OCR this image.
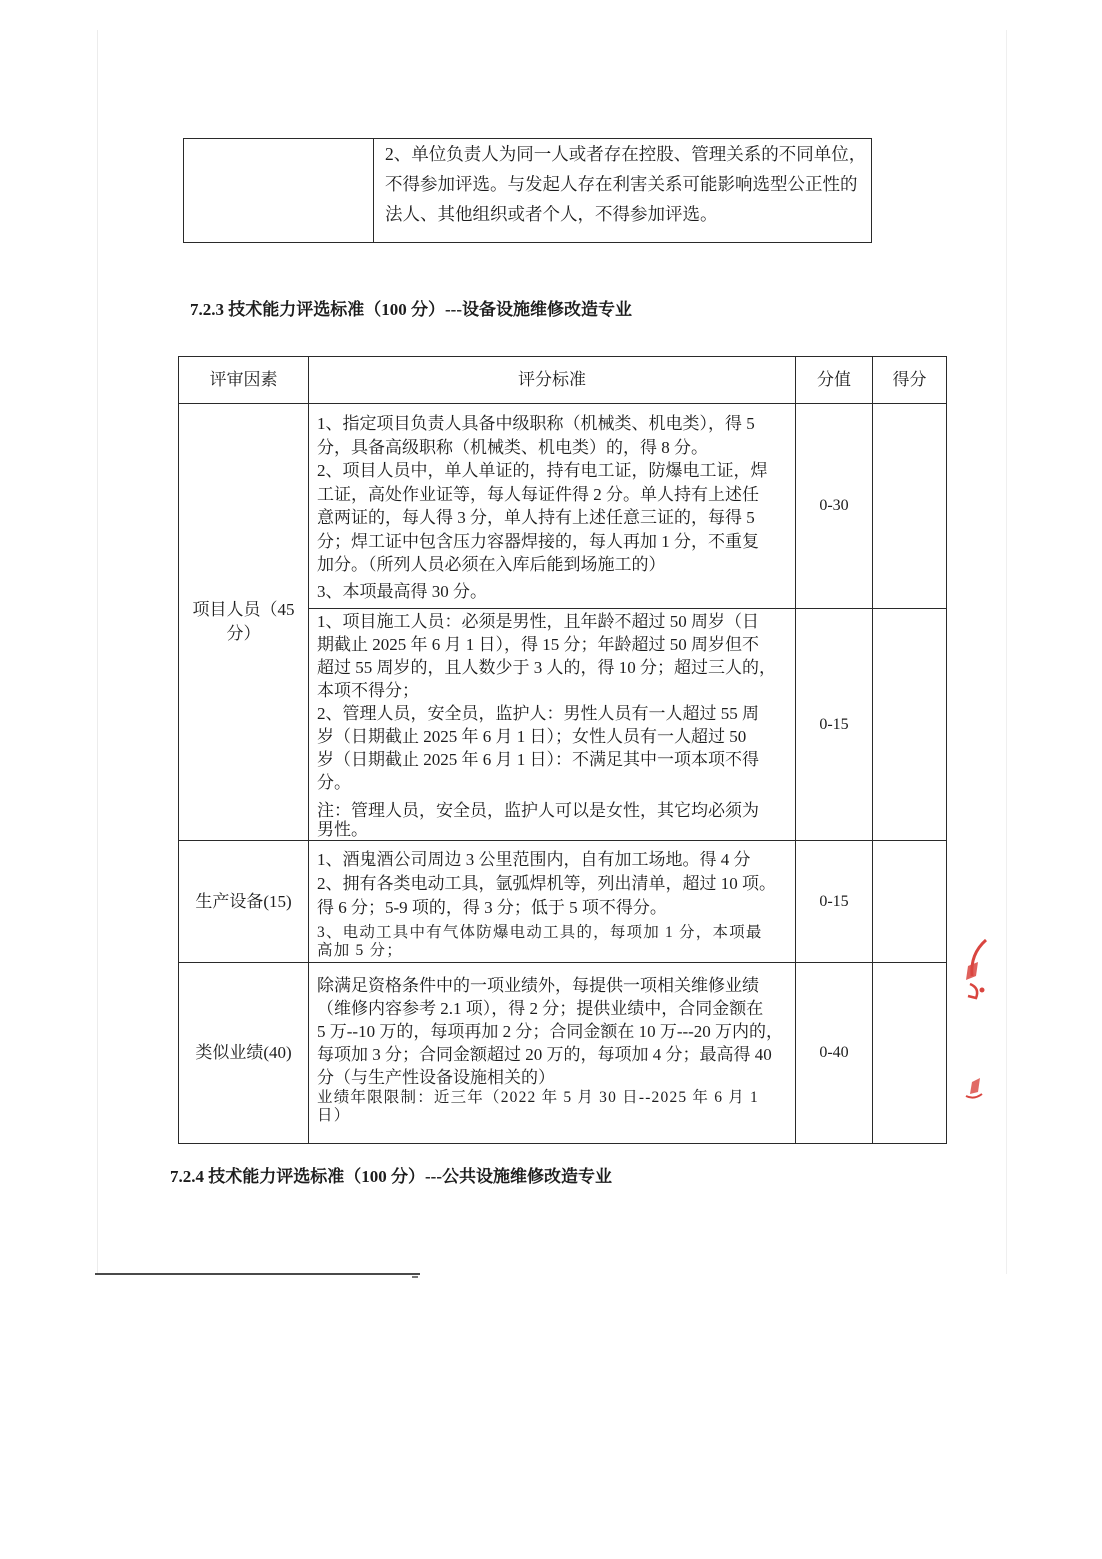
2、单位负责人为同一人或者存在控股、管理关系的不同单位，
不得参加评选。与发起人存在利害关系可能影响选型公正性的
法人、其他组织或者个人，不得参加评选。
7.2.3 技术能力评选标准（100 分）---设备设施维修改造专业
评审因素	评分标准	分值 得分
项目人员（45
分）
1、指定项目负责人具备中级职称（机械类、机电类），得 5
分，具备高级职称（机械类、机电类）的，得 8 分。
2、项目人员中，单人单证的，持有电工证，防爆电工证，焊
工证，高处作业证等，每人每证件得 2 分。单人持有上述任
意两证的，每人得 3 分，单人持有上述任意三证的，每得 5
分；焊工证中包含压力容器焊接的，每人再加 1 分，不重复
加分。（所列人员必须在入库后能到场施工的）
3、本项最高得 30 分。
0-30
1、项目施工人员：必须是男性，且年龄不超过 50 周岁（日
期截止 2025 年 6 月 1 日），得 15 分；年龄超过 50 周岁但不
超过 55 周岁的，且人数少于 3 人的，得 10 分；超过三人的，
本项不得分；
2、管理人员，安全员，监护人：男性人员有一人超过 55 周
岁（日期截止 2025 年 6 月 1 日）；女性人员有一人超过 50
岁（日期截止 2025 年 6 月 1 日）：不满足其中一项本项不得
分。
注：管理人员，安全员，监护人可以是女性，其它均必须为
男性。
0-15
生产设备(15)
1、酒鬼酒公司周边 3 公里范围内，自有加工场地。得 4 分
2、拥有各类电动工具，氩弧焊机等，列出清单，超过 10 项。
得 6 分；5-9 项的，得 3 分；低于 5 项不得分。
3、电动工具中有气体防爆电动工具的，每项加 1 分，本项最
高加 5 分；
0-15
类似业绩(40)
除满足资格条件中的一项业绩外，每提供一项相关维修业绩
（维修内容参考 2.1 项），得 2 分；提供业绩中，合同金额在
5 万--10 万的，每项再加 2 分；合同金额在 10 万---20 万内的，
每项加 3 分；合同金额超过 20 万的，每项加 4 分；最高得 40
分（与生产性设备设施相关的）
业绩年限限制：近三年（2022 年 5 月 30 日--2025 年 6 月 1
日）
0-40
7.2.4 技术能力评选标准（100 分）---公共设施维修改造专业
